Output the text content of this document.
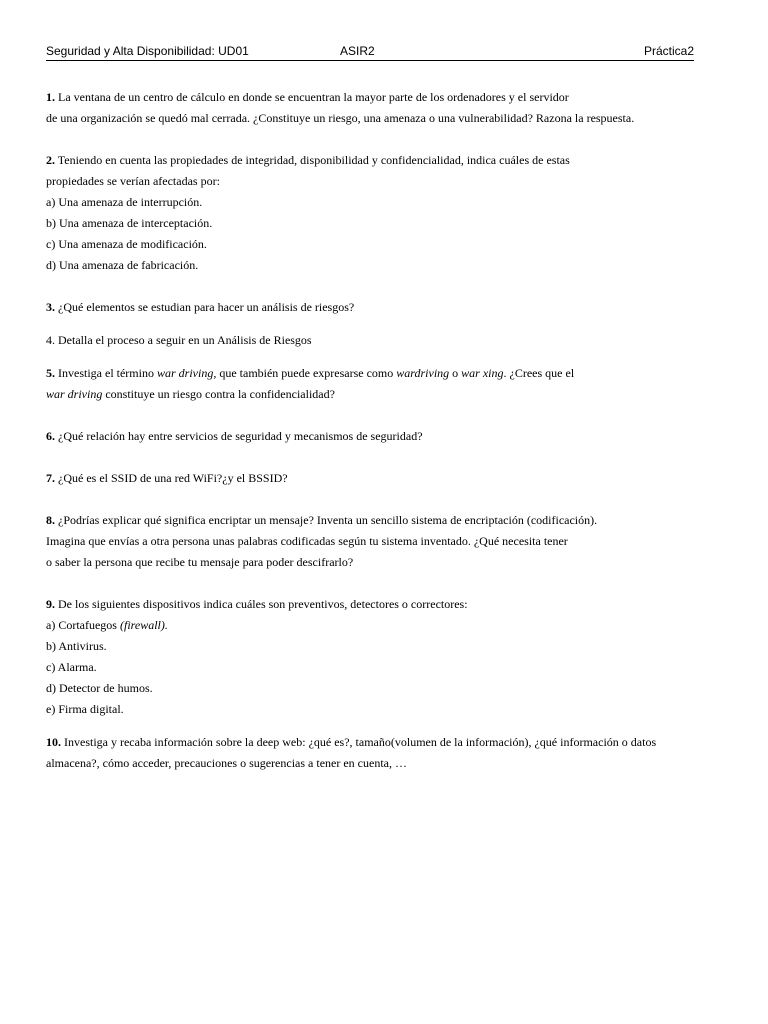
Seguridad y Alta Disponibilidad: UD01	ASIR2	Práctica2
1. La ventana de un centro de cálculo en donde se encuentran la mayor parte de los ordenadores y el servidor
de una organización se quedó mal cerrada. ¿Constituye un riesgo, una amenaza o una vulnerabilidad? Razona la respuesta.
2. Teniendo en cuenta las propiedades de integridad, disponibilidad y confidencialidad, indica cuáles de estas
propiedades se verían afectadas por:
a) Una amenaza de interrupción.
b) Una amenaza de interceptación.
c) Una amenaza de modificación.
d) Una amenaza de fabricación.
3. ¿Qué elementos se estudian para hacer un análisis de riesgos?
4. Detalla el proceso a seguir en un Análisis de Riesgos
5. Investiga el término war driving, que también puede expresarse como wardriving o war xing. ¿Crees que el
war driving constituye un riesgo contra la confidencialidad?
6. ¿Qué relación hay entre servicios de seguridad y mecanismos de seguridad?
7. ¿Qué es el SSID de una red WiFi?¿y el BSSID?
8. ¿Podrías explicar qué significa encriptar un mensaje? Inventa un sencillo sistema de encriptación (codificación).
Imagina que envías a otra persona unas palabras codificadas según tu sistema inventado. ¿Qué necesita tener
o saber la persona que recibe tu mensaje para poder descifrarlo?
9. De los siguientes dispositivos indica cuáles son preventivos, detectores o correctores:
a) Cortafuegos (firewall).
b) Antivirus.
c) Alarma.
d) Detector de humos.
e) Firma digital.
10. Investiga y recaba información sobre la deep web: ¿qué es?, tamaño(volumen de la información), ¿qué información o datos
almacena?, cómo acceder, precauciones o sugerencias a tener en cuenta, …
